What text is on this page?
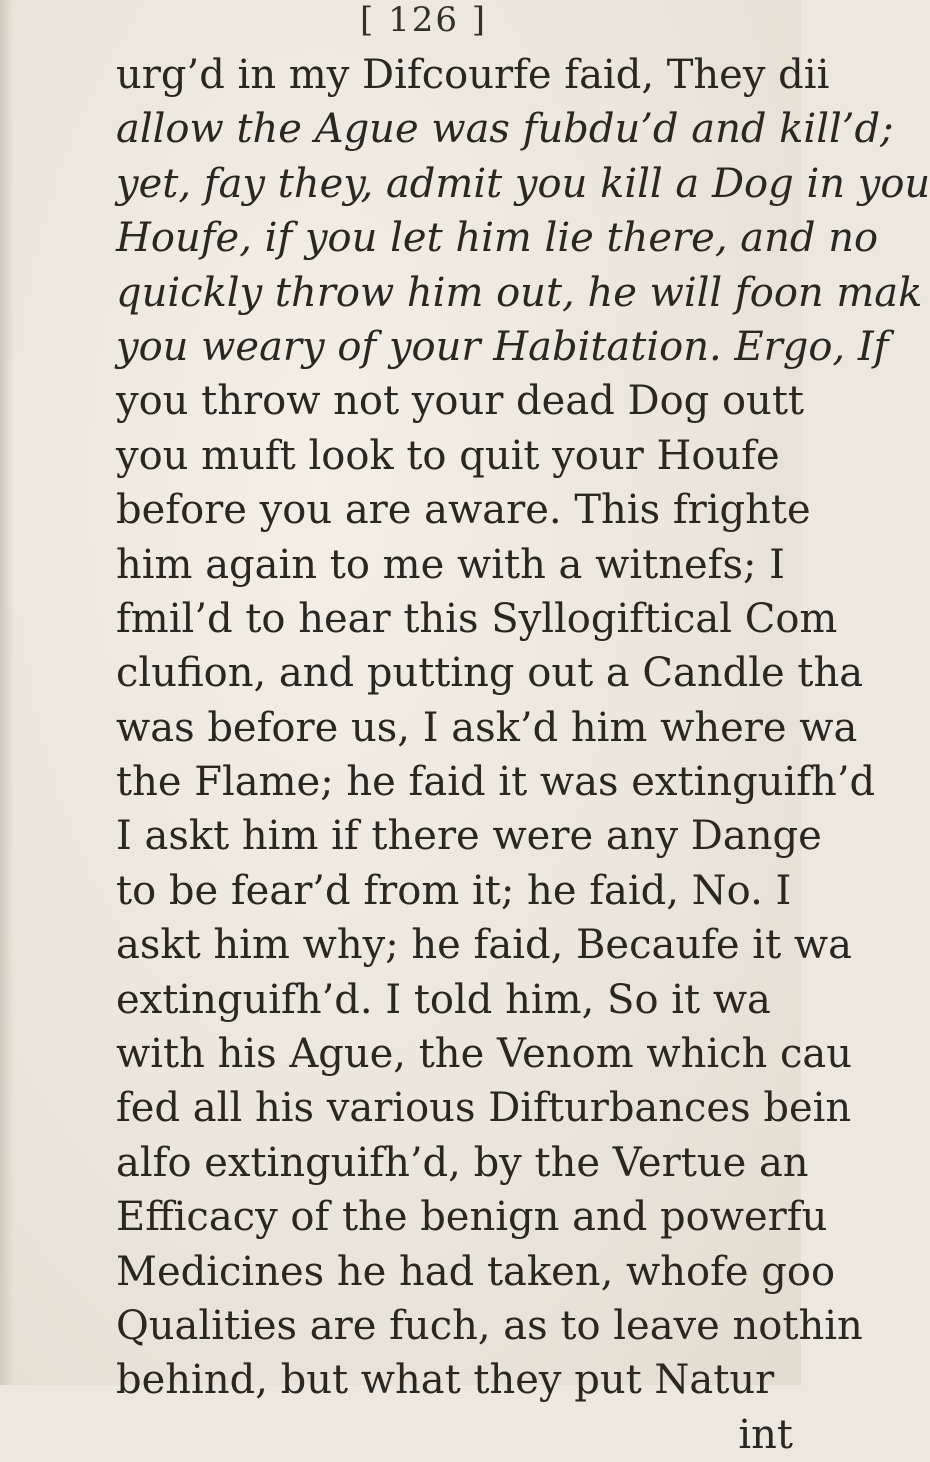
[ 126 ]
urg’d in my Difcourfe faid, They dii
allow the Ague was fubdu’d and kill’d;
yet, fay they, admit you kill a Dog in you
Houfe, if you let him lie there, and no
quickly throw him out, he will foon mak
you weary of your Habitation. Ergo, If
you throw not your dead Dog outt
you muft look to quit your Houfe
before you are aware. This frighte
him again to me with a witnefs; I
fmil’d to hear this Syllogiftical Com
clufion, and putting out a Candle tha
was before us, I ask’d him where wa
the Flame; he faid it was extinguifh’d
I askt him if there were any Dange
to be fear’d from it; he faid, No. I
askt him why; he faid, Becaufe it wa
extinguifh’d. I told him, So it wa
with his Ague, the Venom which cau
fed all his various Difturbances bein
alfo extinguifh’d, by the Vertue an
Efficacy of the benign and powerfu
Medicines he had taken, whofe goo
Qualities are fuch, as to leave nothin
behind, but what they put Natur
int
